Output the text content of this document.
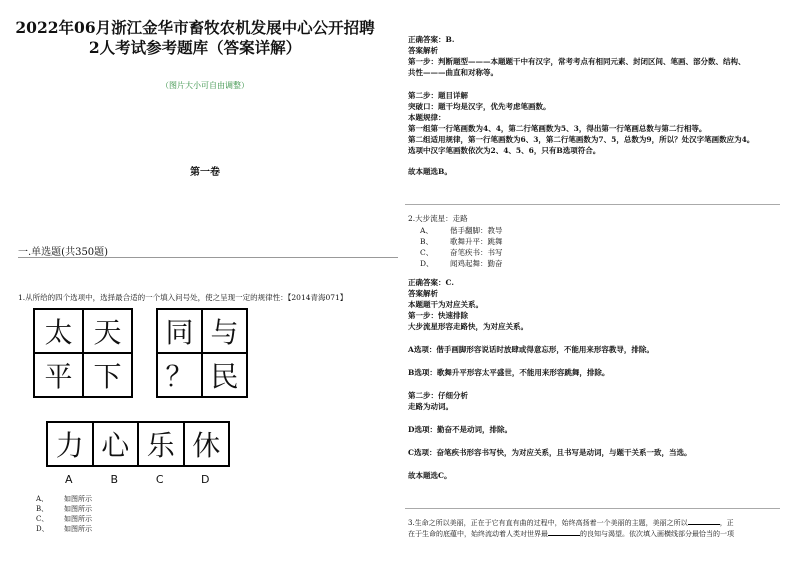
2022年06月浙江金华市畜牧农机发展中心公开招聘
2人考试参考题库（答案详解）
（图片大小可自由调整）
第一卷
一.单选题(共350题)
1.从所给的四个选项中，选择最合适的一个填入问号处，使之呈现一定的规律性：【2014青海071】
太 天
平 下
同 与
？ 民
力 心 乐 休
A	B	C	D
A、 如图所示
B、 如图所示
C、 如图所示
D、 如图所示
正确答案：B.
答案解析
第一步：判断题型———本题题干中有汉字，常考考点有相同元素、封闭区间、笔画、部分数、结构、
共性———曲直和对称等。
第二步：题目详解
突破口：题干均是汉字，优先考虑笔画数。
本题规律：
第一组第一行笔画数为4、4，第二行笔画数为5、3，得出第一行笔画总数与第二行相等。
第二组适用规律，第一行笔画数为6、3，第二行笔画数为7、5，总数为9，所以？处汉字笔画数应为4。
选项中汉字笔画数依次为2、4、5、6，只有B选项符合。
故本题选B。
2.大步流星：走路
A、 偕手翻脚：教导
B、 歌舞升平：跳舞
C、 奋笔疾书：书写
D、 闻鸡起舞：勤奋
正确答案：C.
答案解析
本题题干为对应关系。
第一步：快速排除
大步流星形容走路快，为对应关系。
A选项：偕手画脚形容说话时放肆或得意忘形，不能用来形容教导，排除。
B选项：歌舞升平形容太平盛世，不能用来形容跳舞，排除。
第二步：仔细分析
走路为动词。
D选项：勤奋不是动词，排除。
C选项：奋笔疾书形容书写快，为对应关系，且书写是动词，与题干关系一致，当选。
故本题选C。
3.生命之所以美丽，正在于它有直有曲的过程中，始终高扬着一个美丽的主题，美丽之所以	，正
在于生命的底蕴中，始终流动着人类对世界最	的良知与渴望。依次填入画横线部分最恰当的一项
